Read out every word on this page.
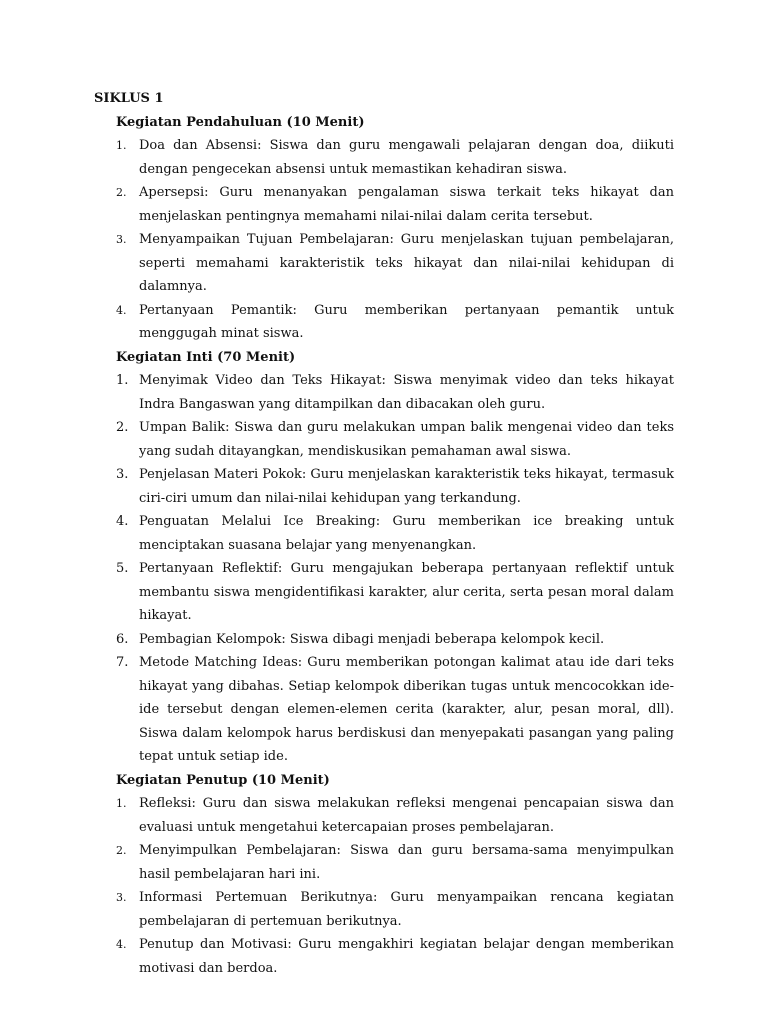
SIKLUS 1

Kegiatan Pendahuluan (10 Menit)

1. Doa dan Absensi: Siswa dan guru mengawali pelajaran dengan doa, diikuti dengan pengecekan absensi untuk memastikan kehadiran siswa.
2. Apersepsi: Guru menanyakan pengalaman siswa terkait teks hikayat dan menjelaskan pentingnya memahami nilai-nilai dalam cerita tersebut.
3. Menyampaikan Tujuan Pembelajaran: Guru menjelaskan tujuan pembelajaran, seperti memahami karakteristik teks hikayat dan nilai-nilai kehidupan di dalamnya.
4. Pertanyaan Pemantik: Guru memberikan pertanyaan pemantik untuk menggugah minat siswa.

Kegiatan Inti (70 Menit)

1. Menyimak Video dan Teks Hikayat: Siswa menyimak video dan teks hikayat Indra Bangaswan yang ditampilkan dan dibacakan oleh guru.
2. Umpan Balik: Siswa dan guru melakukan umpan balik mengenai video dan teks yang sudah ditayangkan, mendiskusikan pemahaman awal siswa.
3. Penjelasan Materi Pokok: Guru menjelaskan karakteristik teks hikayat, termasuk ciri-ciri umum dan nilai-nilai kehidupan yang terkandung.
4. Penguatan Melalui Ice Breaking: Guru memberikan ice breaking untuk menciptakan suasana belajar yang menyenangkan.
5. Pertanyaan Reflektif: Guru mengajukan beberapa pertanyaan reflektif untuk membantu siswa mengidentifikasi karakter, alur cerita, serta pesan moral dalam hikayat.
6. Pembagian Kelompok: Siswa dibagi menjadi beberapa kelompok kecil.
7. Metode Matching Ideas: Guru memberikan potongan kalimat atau ide dari teks hikayat yang dibahas. Setiap kelompok diberikan tugas untuk mencocokkan ide-ide tersebut dengan elemen-elemen cerita (karakter, alur, pesan moral, dll). Siswa dalam kelompok harus berdiskusi dan menyepakati pasangan yang paling tepat untuk setiap ide.

Kegiatan Penutup (10 Menit)

1. Refleksi: Guru dan siswa melakukan refleksi mengenai pencapaian siswa dan evaluasi untuk mengetahui ketercapaian proses pembelajaran.
2. Menyimpulkan Pembelajaran: Siswa dan guru bersama-sama menyimpulkan hasil pembelajaran hari ini.
3. Informasi Pertemuan Berikutnya: Guru menyampaikan rencana kegiatan pembelajaran di pertemuan berikutnya.
4. Penutup dan Motivasi: Guru mengakhiri kegiatan belajar dengan memberikan motivasi dan berdoa.
